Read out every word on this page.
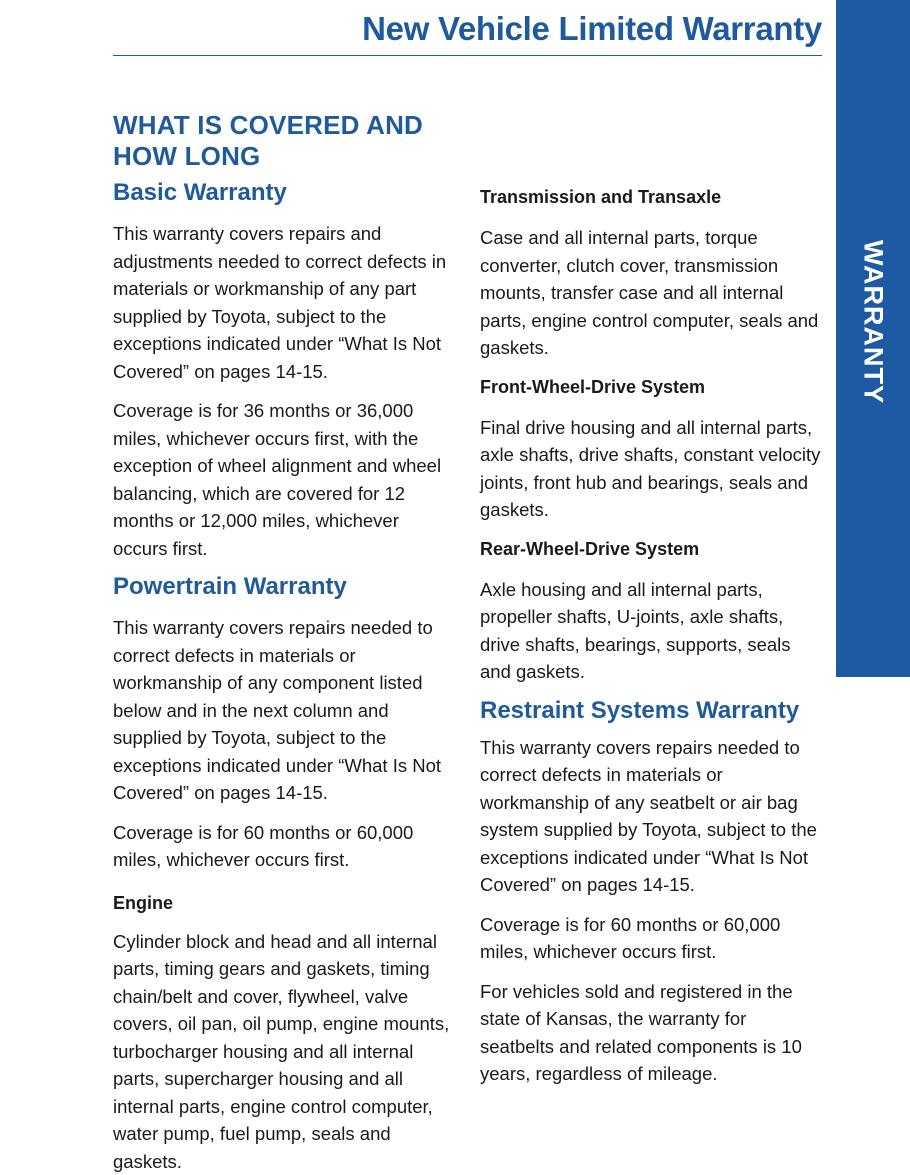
New Vehicle Limited Warranty
WARRANTY
WHAT IS COVERED AND HOW LONG
Basic Warranty

This warranty covers repairs and adjustments needed to correct defects in materials or workmanship of any part supplied by Toyota, subject to the exceptions indicated under “What Is Not Covered” on pages 14-15.

Coverage is for 36 months or 36,000 miles, whichever occurs first, with the exception of wheel alignment and wheel balancing, which are covered for 12 months or 12,000 miles, whichever occurs first.

Powertrain Warranty

This warranty covers repairs needed to correct defects in materials or workmanship of any component listed below and in the next column and supplied by Toyota, subject to the exceptions indicated under “What Is Not Covered” on pages 14-15.

Coverage is for 60 months or 60,000 miles, whichever occurs first.

Engine

Cylinder block and head and all internal parts, timing gears and gaskets, timing chain/belt and cover, flywheel, valve covers, oil pan, oil pump, engine mounts, turbocharger housing and all internal parts, supercharger housing and all internal parts, engine control computer, water pump, fuel pump, seals and gaskets.

Transmission and Transaxle

Case and all internal parts, torque converter, clutch cover, transmission mounts, transfer case and all internal parts, engine control computer, seals and gaskets.

Front-Wheel-Drive System

Final drive housing and all internal parts, axle shafts, drive shafts, constant velocity joints, front hub and bearings, seals and gaskets.

Rear-Wheel-Drive System

Axle housing and all internal parts, propeller shafts, U-joints, axle shafts, drive shafts, bearings, supports, seals and gaskets.

Restraint Systems Warranty

This warranty covers repairs needed to correct defects in materials or workmanship of any seatbelt or air bag system supplied by Toyota, subject to the exceptions indicated under “What Is Not Covered” on pages 14-15.

Coverage is for 60 months or 60,000 miles, whichever occurs first.

For vehicles sold and registered in the state of Kansas, the warranty for seatbelts and related components is 10 years, regardless of mileage.
